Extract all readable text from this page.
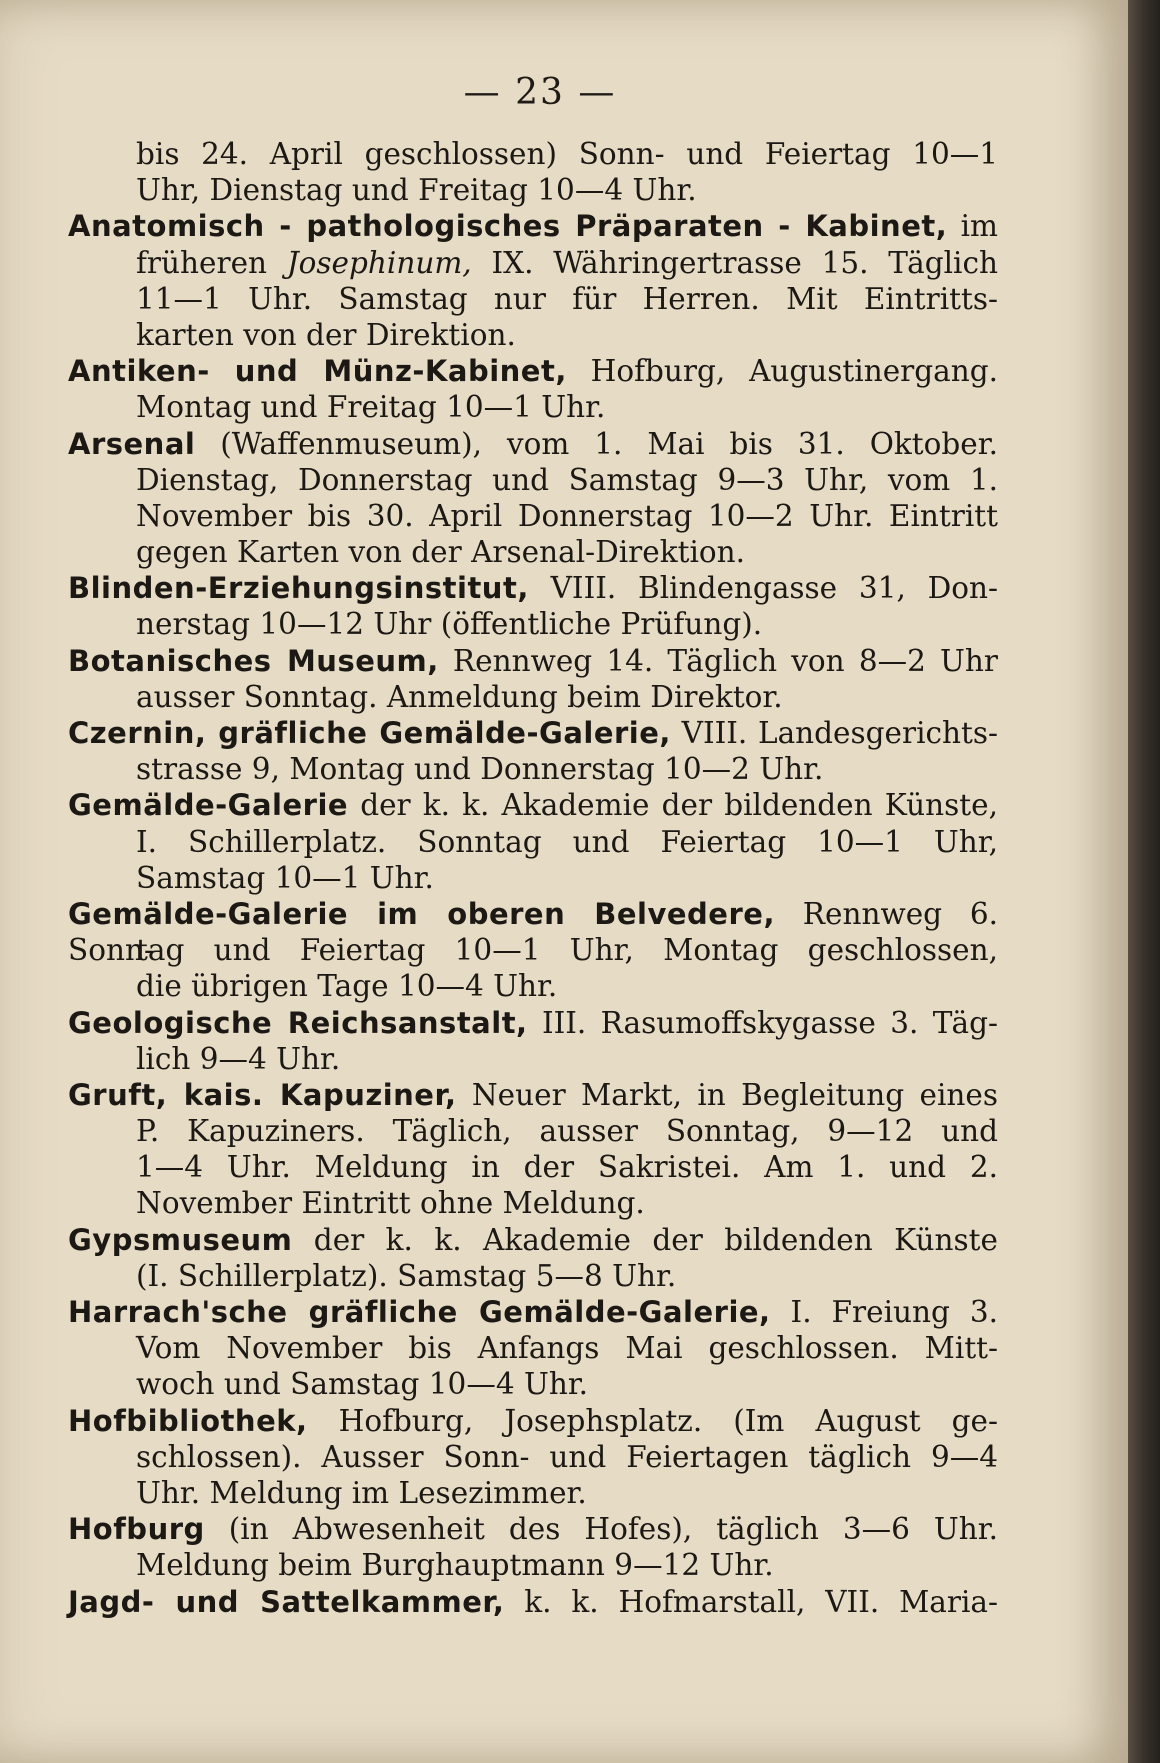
— 23 —
bis 24. April geschlossen) Sonn- und Feiertag 10—1
Uhr, Dienstag und Freitag 10—4 Uhr.
Anatomisch - pathologisches Präparaten - Kabinet, im
früheren Josephinum, IX. Währingertrasse 15. Täglich
11—1 Uhr. Samstag nur für Herren. Mit Eintritts-
karten von der Direktion.
Antiken- und Münz-Kabinet, Hofburg, Augustinergang.
Montag und Freitag 10—1 Uhr.
Arsenal (Waffenmuseum), vom 1. Mai bis 31. Oktober.
Dienstag, Donnerstag und Samstag 9—3 Uhr, vom 1.
November bis 30. April Donnerstag 10—2 Uhr. Eintritt
gegen Karten von der Arsenal-Direktion.
Blinden-Erziehungsinstitut, VIII. Blindengasse 31, Don-
nerstag 10—12 Uhr (öffentliche Prüfung).
Botanisches Museum, Rennweg 14. Täglich von 8—2 Uhr
ausser Sonntag. Anmeldung beim Direktor.
Czernin, gräfliche Gemälde-Galerie, VIII. Landesgerichts-
strasse 9, Montag und Donnerstag 10—2 Uhr.
Gemälde-Galerie der k. k. Akademie der bildenden Künste,
I. Schillerplatz. Sonntag und Feiertag 10—1 Uhr,
Samstag 10—1 Uhr.
Gemälde-Galerie im oberen Belvedere, Rennweg 6. Sonn-
tag und Feiertag 10—1 Uhr, Montag geschlossen,
die übrigen Tage 10—4 Uhr.
Geologische Reichsanstalt, III. Rasumoffskygasse 3. Täg-
lich 9—4 Uhr.
Gruft, kais. Kapuziner, Neuer Markt, in Begleitung eines
P. Kapuziners. Täglich, ausser Sonntag, 9—12 und
1—4 Uhr. Meldung in der Sakristei. Am 1. und 2.
November Eintritt ohne Meldung.
Gypsmuseum der k. k. Akademie der bildenden Künste
(I. Schillerplatz). Samstag 5—8 Uhr.
Harrach'sche gräfliche Gemälde-Galerie, I. Freiung 3.
Vom November bis Anfangs Mai geschlossen. Mitt-
woch und Samstag 10—4 Uhr.
Hofbibliothek, Hofburg, Josephsplatz. (Im August ge-
schlossen). Ausser Sonn- und Feiertagen täglich 9—4
Uhr. Meldung im Lesezimmer.
Hofburg (in Abwesenheit des Hofes), täglich 3—6 Uhr.
Meldung beim Burghauptmann 9—12 Uhr.
Jagd- und Sattelkammer, k. k. Hofmarstall, VII. Maria-
